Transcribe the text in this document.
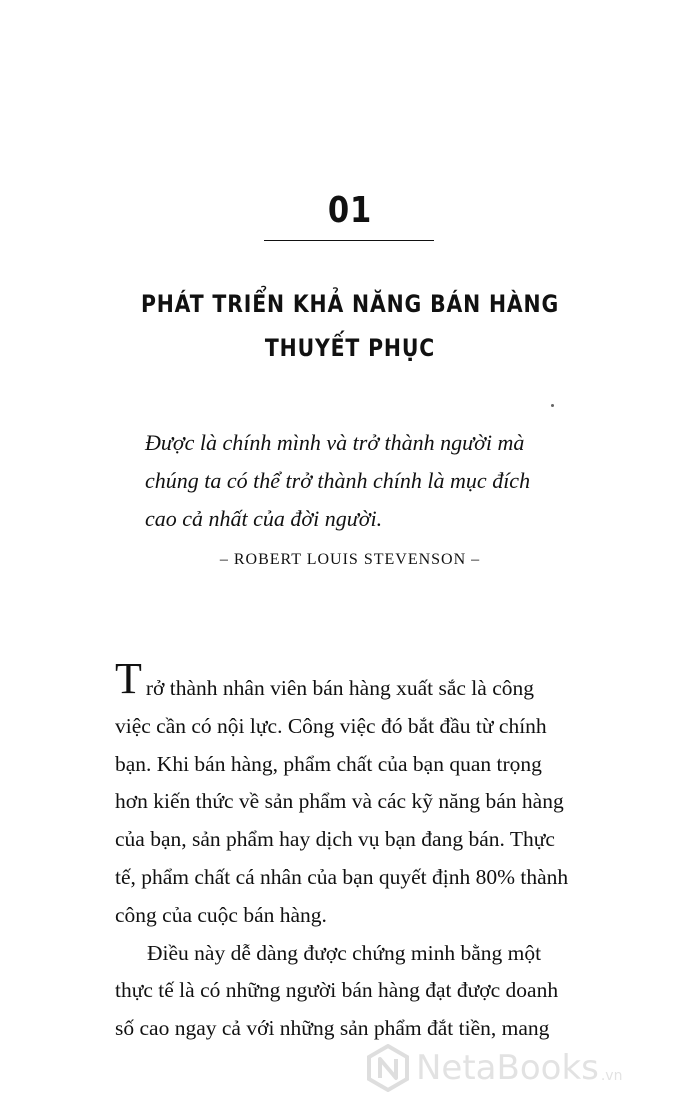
01
PHÁT TRIỂN KHẢ NĂNG BÁN HÀNG
THUYẾT PHỤC
Được là chính mình và trở thành người mà
chúng ta có thể trở thành chính là mục đích
cao cả nhất của đời người.
– ROBERT LOUIS STEVENSON –
Trở thành nhân viên bán hàng xuất sắc là công
việc cần có nội lực. Công việc đó bắt đầu từ chính
bạn. Khi bán hàng, phẩm chất của bạn quan trọng
hơn kiến thức về sản phẩm và các kỹ năng bán hàng
của bạn, sản phẩm hay dịch vụ bạn đang bán. Thực
tế, phẩm chất cá nhân của bạn quyết định 80% thành
công của cuộc bán hàng.
Điều này dễ dàng được chứng minh bằng một
thực tế là có những người bán hàng đạt được doanh
số cao ngay cả với những sản phẩm đắt tiền, mang
NetaBooks .vn
